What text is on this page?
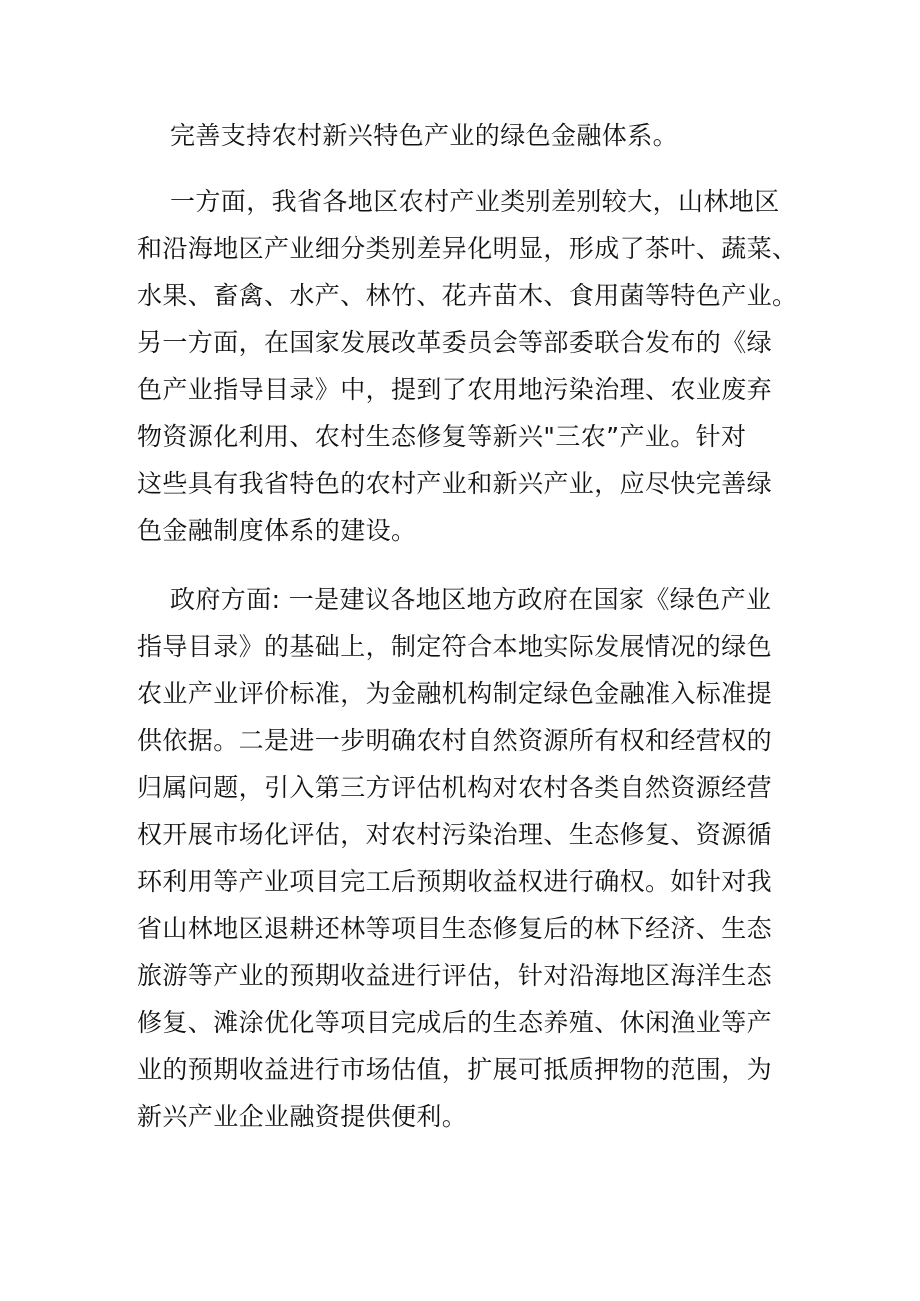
完善支持农村新兴特色产业的绿色金融体系。

一方面，我省各地区农村产业类别差别较大，山林地区
和沿海地区产业细分类别差异化明显，形成了茶叶、蔬菜、
水果、畜禽、水产、林竹、花卉苗木、食用菌等特色产业。
另一方面，在国家发展改革委员会等部委联合发布的《绿
色产业指导目录》中，提到了农用地污染治理、农业废弃
物资源化利用、农村生态修复等新兴"三农”产业。针对
这些具有我省特色的农村产业和新兴产业，应尽快完善绿
色金融制度体系的建设。

政府方面: 一是建议各地区地方政府在国家《绿色产业
指导目录》的基础上，制定符合本地实际发展情况的绿色
农业产业评价标准，为金融机构制定绿色金融准入标准提
供依据。二是进一步明确农村自然资源所有权和经营权的
归属问题，引入第三方评估机构对农村各类自然资源经营
权开展市场化评估，对农村污染治理、生态修复、资源循
环利用等产业项目完工后预期收益权进行确权。如针对我
省山林地区退耕还林等项目生态修复后的林下经济、生态
旅游等产业的预期收益进行评估，针对沿海地区海洋生态
修复、滩涂优化等项目完成后的生态养殖、休闲渔业等产
业的预期收益进行市场估值，扩展可抵质押物的范围，为
新兴产业企业融资提供便利。
